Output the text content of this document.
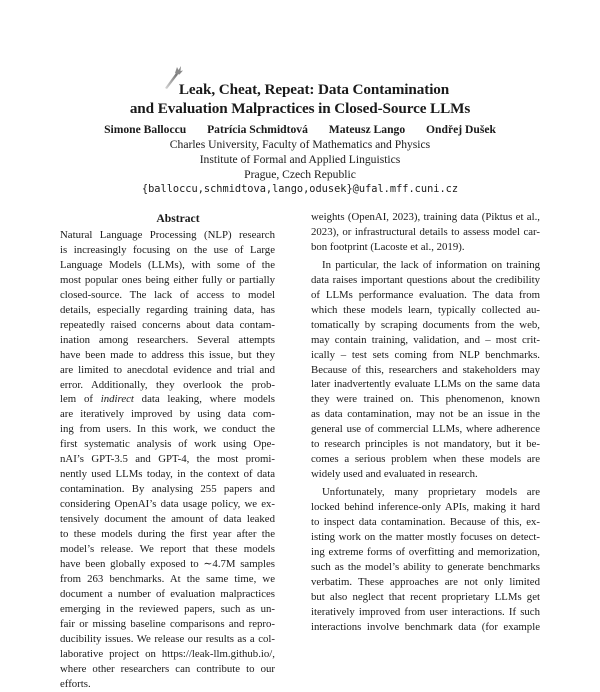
Leak, Cheat, Repeat: Data Contamination
and Evaluation Malpractices in Closed-Source LLMs
Simone Balloccu Patrícia Schmidtová Mateusz Lango Ondřej Dušek
Charles University, Faculty of Mathematics and Physics
Institute of Formal and Applied Linguistics
Prague, Czech Republic
{balloccu,schmidtova,lango,odusek}@ufal.mff.cuni.cz
Abstract
Natural Language Processing (NLP) research
is increasingly focusing on the use of Large
Language Models (LLMs), with some of the
most popular ones being either fully or partially
closed-source. The lack of access to model
details, especially regarding training data, has
repeatedly raised concerns about data contam-
ination among researchers. Several attempts
have been made to address this issue, but they
are limited to anecdotal evidence and trial and
error. Additionally, they overlook the prob-
lem of indirect data leaking, where models
are iteratively improved by using data com-
ing from users. In this work, we conduct the
first systematic analysis of work using Ope-
nAI’s GPT-3.5 and GPT-4, the most promi-
nently used LLMs today, in the context of data
contamination. By analysing 255 papers and
considering OpenAI’s data usage policy, we ex-
tensively document the amount of data leaked
to these models during the first year after the
model’s release. We report that these models
have been globally exposed to ∼4.7M samples
from 263 benchmarks. At the same time, we
document a number of evaluation malpractices
emerging in the reviewed papers, such as un-
fair or missing baseline comparisons and repro-
ducibility issues. We release our results as a col-
laborative project on https://leak-llm.github.io/,
where other researchers can contribute to our
efforts.

weights (OpenAI, 2023), training data (Piktus et al.,
2023), or infrastructural details to assess model car-
bon footprint (Lacoste et al., 2019).

In particular, the lack of information on training
data raises important questions about the credibility
of LLMs performance evaluation. The data from
which these models learn, typically collected au-
tomatically by scraping documents from the web,
may contain training, validation, and – most crit-
ically – test sets coming from NLP benchmarks.
Because of this, researchers and stakeholders may
later inadvertently evaluate LLMs on the same data
they were trained on. This phenomenon, known
as data contamination, may not be an issue in the
general use of commercial LLMs, where adherence
to research principles is not mandatory, but it be-
comes a serious problem when these models are
widely used and evaluated in research.

Unfortunately, many proprietary models are
locked behind inference-only APIs, making it hard
to inspect data contamination. Because of this, ex-
isting work on the matter mostly focuses on detect-
ing extreme forms of overfitting and memorization,
such as the model’s ability to generate benchmarks
verbatim. These approaches are not only limited
but also neglect that recent proprietary LLMs get
iteratively improved from user interactions. If such
interactions involve benchmark data (for example
